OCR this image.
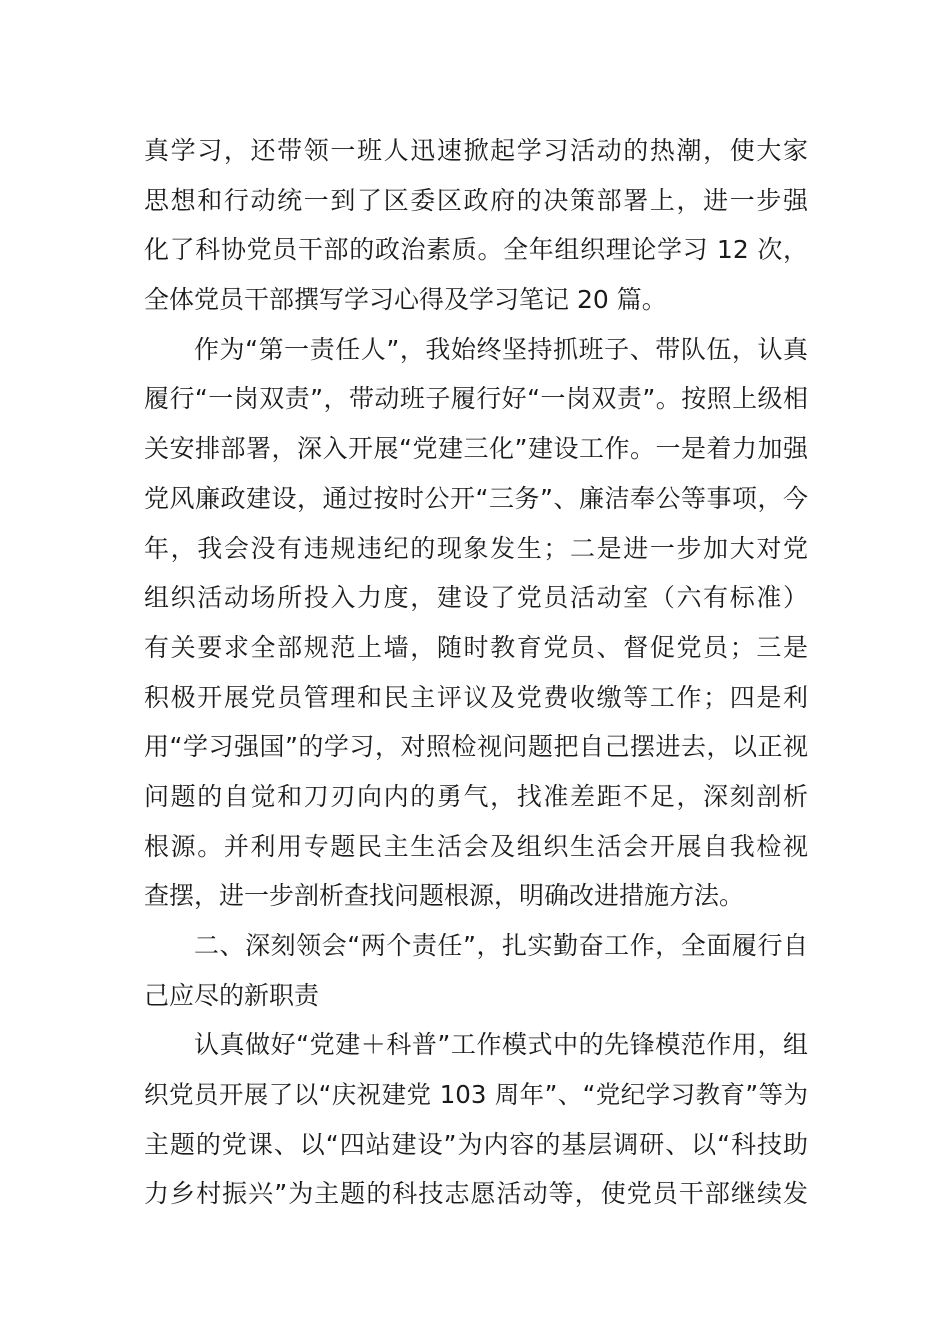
真学习，还带领一班人迅速掀起学习活动的热潮，使大家
思想和行动统一到了区委区政府的决策部署上，进一步强
化了科协党员干部的政治素质。全年组织理论学习 12 次，
全体党员干部撰写学习心得及学习笔记 20 篇。
作为“第一责任人”，我始终坚持抓班子、带队伍，认真
履行“一岗双责”，带动班子履行好“一岗双责”。按照上级相
关安排部署，深入开展“党建三化”建设工作。一是着力加强
党风廉政建设，通过按时公开“三务”、廉洁奉公等事项，今
年，我会没有违规违纪的现象发生；二是进一步加大对党
组织活动场所投入力度，建设了党员活动室（六有标准）
有关要求全部规范上墙，随时教育党员、督促党员；三是
积极开展党员管理和民主评议及党费收缴等工作；四是利
用“学习强国”的学习，对照检视问题把自己摆进去，以正视
问题的自觉和刀刃向内的勇气，找准差距不足，深刻剖析
根源。并利用专题民主生活会及组织生活会开展自我检视
查摆，进一步剖析查找问题根源，明确改进措施方法。
二、深刻领会“两个责任”，扎实勤奋工作，全面履行自
己应尽的新职责
认真做好“党建＋科普”工作模式中的先锋模范作用，组
织党员开展了以“庆祝建党 103 周年”、“党纪学习教育”等为
主题的党课、以“四站建设”为内容的基层调研、以“科技助
力乡村振兴”为主题的科技志愿活动等，使党员干部继续发
